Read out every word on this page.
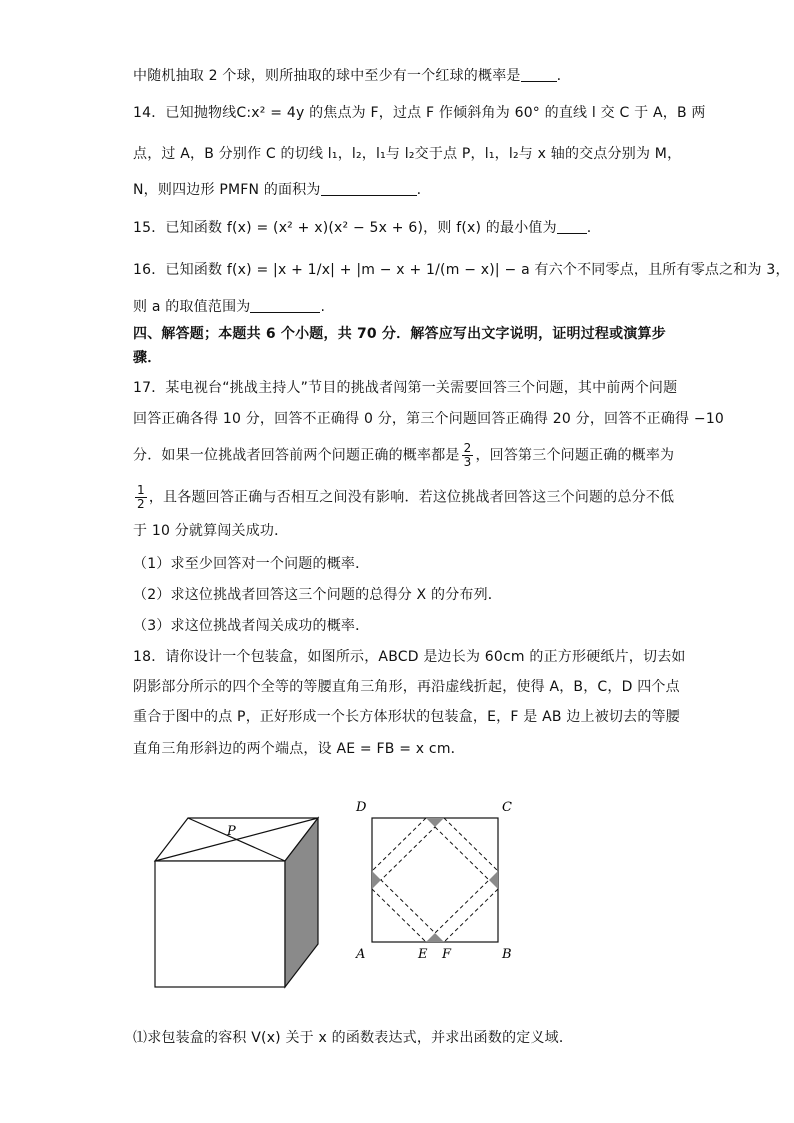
中随机抽取 2 个球，则所抽取的球中至少有一个红球的概率是	.
14．已知抛物线C:x² = 4y 的焦点为 F，过点 F 作倾斜角为 60° 的直线 l 交 C 于 A，B 两
点，过 A，B 分别作 C 的切线 l₁，l₂，l₁与 l₂交于点 P，l₁，l₂与 x 轴的交点分别为 M，
N，则四边形 PMFN 的面积为	.
15．已知函数 f(x) = (x² + x)(x² − 5x + 6)，则 f(x) 的最小值为 .
16．已知函数 f(x) = |x + 1/x| + |m − x + 1/(m − x)| − a 有六个不同零点，且所有零点之和为 3，
则 a 的取值范围为	.
四、解答题；本题共 6 个小题，共 70 分．解答应写出文字说明，证明过程或演算步
骤．
17．某电视台“挑战主持人”节目的挑战者闯第一关需要回答三个问题，其中前两个问题
回答正确各得 10 分，回答不正确得 0 分，第三个问题回答正确得 20 分，回答不正确得 −10
分．如果一位挑战者回答前两个问题正确的概率都是 $\frac{2}{3}$ ，回答第三个问题正确的概率为
$\frac{1}{2}$ ，且各题回答正确与否相互之间没有影响．若这位挑战者回答这三个问题的总分不低
于 10 分就算闯关成功．
（1）求至少回答对一个问题的概率．
（2）求这位挑战者回答这三个问题的总得分 X 的分布列．
（3）求这位挑战者闯关成功的概率．
18．请你设计一个包装盒，如图所示，ABCD 是边长为 60cm 的正方形硬纸片，切去如
阴影部分所示的四个全等的等腰直角三角形，再沿虚线折起，使得 A，B，C，D 四个点
重合于图中的点 P，正好形成一个长方体形状的包装盒，E，F 是 AB 边上被切去的等腰
直角三角形斜边的两个端点，设 AE = FB = x cm．
P
D	C
A	E F	B
⑴求包装盒的容积 V(x) 关于 x 的函数表达式，并求出函数的定义域．
